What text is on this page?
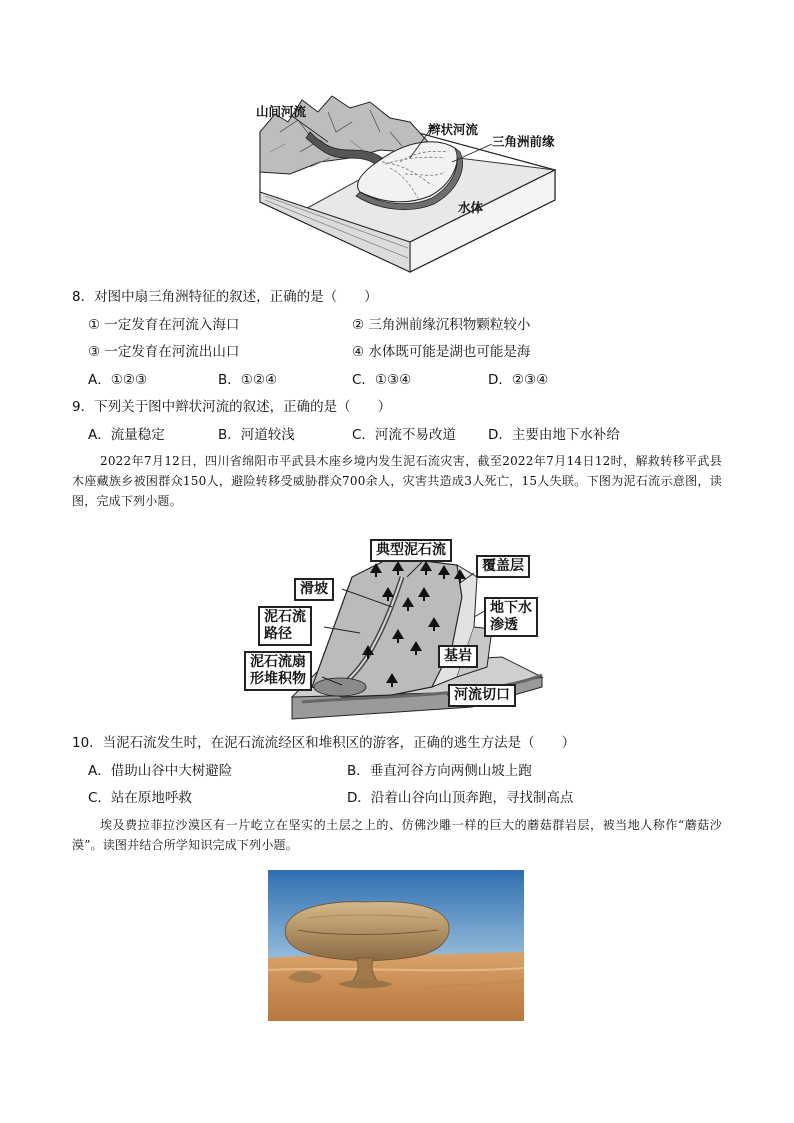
山间河流
辫状河流
三角洲前缘
水体
8．对图中扇三角洲特征的叙述，正确的是（　　）
① 一定发育在河流入海口	② 三角洲前缘沉积物颗粒较小
③ 一定发育在河流出山口	④ 水体既可能是湖也可能是海
A．①②③	B．①②④	C．①③④	D．②③④
9．下列关于图中辫状河流的叙述，正确的是（　　）
A．流量稳定	B．河道较浅	C．河流不易改道 D．主要由地下水补给
2022年7月12日，四川省绵阳市平武县木座乡境内发生泥石流灾害，截至2022年7月14日12时，解救转移平武县木座藏族乡被困群众150人，避险转移受威胁群众700余人，灾害共造成3人死亡，15人失联。下图为泥石流示意图，读图，完成下列小题。
典型泥石流
覆盖层
滑坡
地下水
渗透
泥石流
路径
基岩
泥石流扇
形堆积物
河流切口
10．当泥石流发生时，在泥石流流经区和堆积区的游客，正确的逃生方法是（　　）
A．借助山谷中大树避险	B．垂直河谷方向两侧山坡上跑
C．站在原地呼救	D．沿着山谷向山顶奔跑，寻找制高点
埃及费拉菲拉沙漠区有一片屹立在坚实的土层之上的、仿佛沙雕一样的巨大的蘑菇群岩层，被当地人称作“蘑菇沙漠”。读图并结合所学知识完成下列小题。
